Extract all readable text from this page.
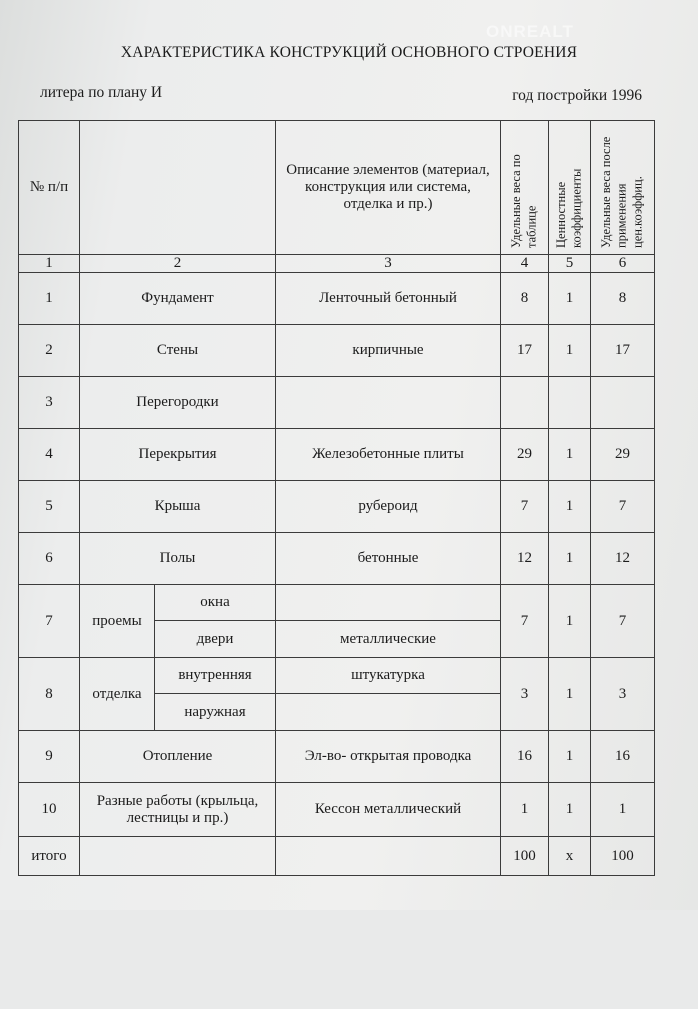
ONREALT
ХАРАКТЕРИСТИКА КОНСТРУКЦИЙ ОСНОВНОГО СТРОЕНИЯ
литера по плану И	год постройки 1996
№ п/п			Описание элементов (материал, конструкция или система, отделка и пр.)	Удельные веса по таблице	Ценностные коэффициенты	Удельные веса после применения цен.коэффиц.

1	2		3	4	5	6
1	Фундамент		Ленточный бетонный	8	1	8
2	Стены		кирпичные	17	1	17
3	Перегородки					
4	Перекрытия		Железобетонные плиты	29	1	29
5	Крыша		рубероид	7	1	7
6	Полы		бетонные	12	1	12
7	проемы	окна		7	1	7
		двери	металлические			
8	отделка	внутренняя	штукатурка	3	1	3
		наружная				
9	Отопление		Эл-во- открытая проводка	16	1	16
10	Разные работы (крыльца, лестницы и пр.)		Кессон металлический	1	1	1
итого				100	х	100
